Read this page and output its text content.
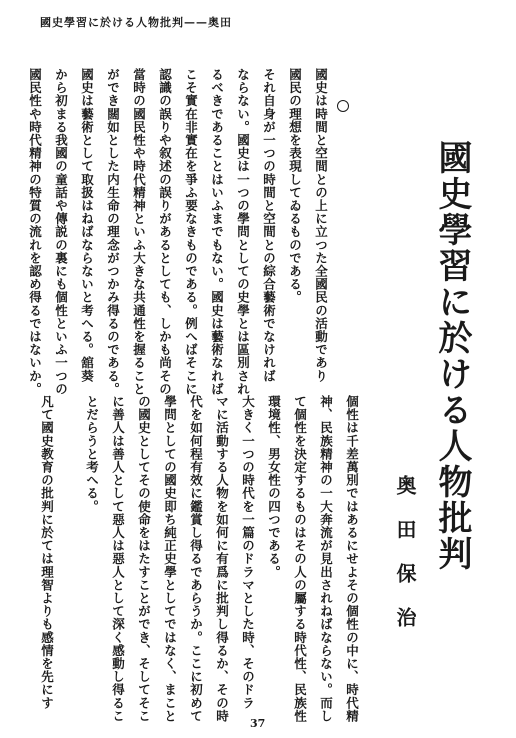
國史學習に於ける人物批判——奥田
國史は時間と空間との上に立つた全國民の活動であり
國民の理想を表現してゐるものである。
それ自身が一つの時間と空間との綜合藝術でなければ
ならない。國史は一つの學問としての史學とは區別され
るべきであることはいふまでもない。國史は藝術なれば
こそ實在非實在を爭ふ要なきものである。例へばそこに
認識の誤りや叙述の誤りがあるとしても、しかも尚その
當時の國民性や時代精神といふ大きな共通性を握ること
ができ闊如とした内生命の理念がつかみ得るのである。
國史は藝術として取扱はねばならないと考へる。舘葵
から初まる我國の童話や傳説の裏にも個性といふ一つの
國民性や時代精神の特質の流れを認め得るではないか。	國史學習に於ける人物批判
奥田保治
個性は千差萬別ではあるにせよその個性の中に、時代精
神、民族精神の一大奔流が見出されねばならない。而し
て個性を決定するものはその人の屬する時代性、民族性
環境性、男女性の四つである。
大きく一つの時代を一篇のドラマとした時、そのドラ
マに活動する人物を如何に有爲に批判し得るか、その時
代を如何程有效に鑑賞し得るであらうか。ここに初めて
學問としての國史即ち純正史學としてではなく、まこと
の國史としてその使命をはたすことができ、そしてそこ
に善人は善人として惡人は惡人として深く感動し得るこ
とだらうと考へる。
凡て國史教育の批判に於ては理智よりも感情を先にす
37
